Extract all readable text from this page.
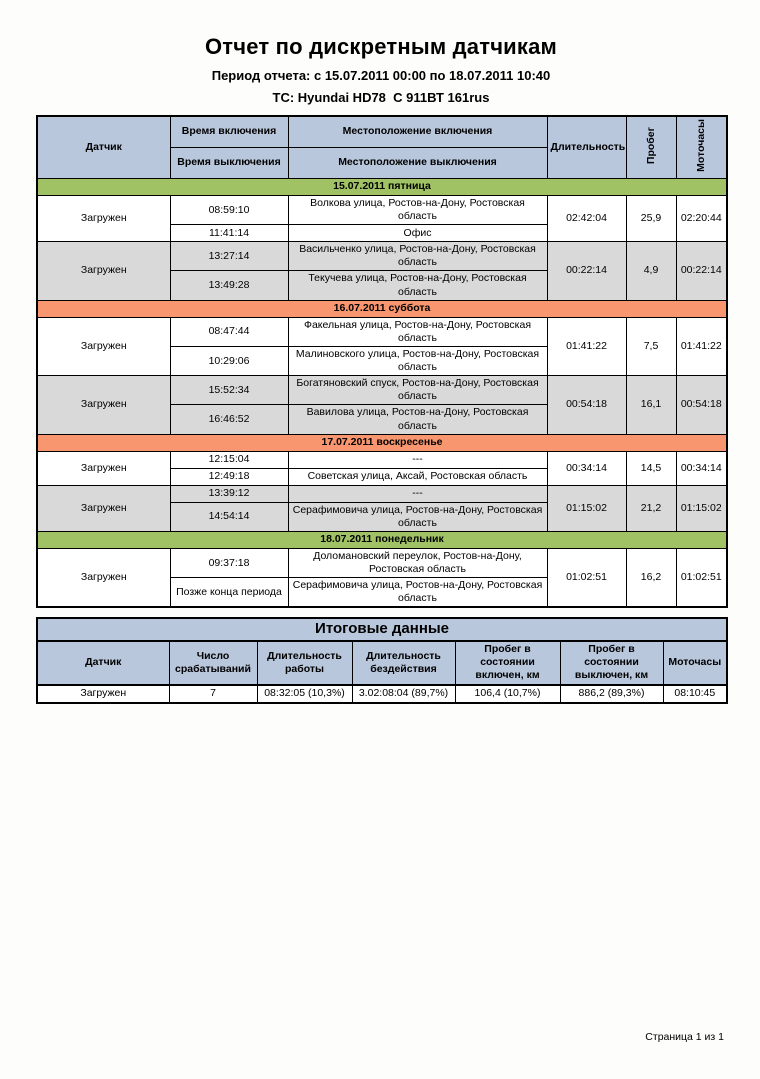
Отчет по дискретным датчикам

Период отчета: с 15.07.2011 00:00 по 18.07.2011 10:40

ТС: Hyundai HD78  С 911ВТ 161rus

Датчик	Время включения	Местоположение включения	Длительность	Пробег	Моточасы
	Время выключения	Местоположение выключения			
15.07.2011 пятница					
Загружен	08:59:10	Волкова улица, Ростов-на-Дону, Ростовская область	02:42:04	25,9	02:20:44
	11:41:14	Офис			
Загружен	13:27:14	Васильченко улица, Ростов-на-Дону, Ростовская область	00:22:14	4,9	00:22:14
	13:49:28	Текучева улица, Ростов-на-Дону, Ростовская область			
16.07.2011 суббота					
Загружен	08:47:44	Факельная улица, Ростов-на-Дону, Ростовская область	01:41:22	7,5	01:41:22
	10:29:06	Малиновского улица, Ростов-на-Дону, Ростовская область			
Загружен	15:52:34	Богатяновский спуск, Ростов-на-Дону, Ростовская область	00:54:18	16,1	00:54:18
	16:46:52	Вавилова улица, Ростов-на-Дону, Ростовская область			
17.07.2011 воскресенье					
Загружен	12:15:04	---	00:34:14	14,5	00:34:14
	12:49:18	Советская улица, Аксай, Ростовская область			
Загружен	13:39:12	---	01:15:02	21,2	01:15:02
	14:54:14	Серафимовича улица, Ростов-на-Дону, Ростовская область			
18.07.2011 понедельник					
Загружен	09:37:18	Доломановский переулок, Ростов-на-Дону, Ростовская область	01:02:51	16,2	01:02:51
	Позже конца периода	Серафимовича улица, Ростов-на-Дону, Ростовская область			
Итоговые данные						
Датчик	Число срабатываний	Длительность работы	Длительность бездействия	Пробег в состоянии включен, км	Пробег в состоянии выключен, км	Моточасы
Загружен	7	08:32:05 (10,3%)	3.02:08:04 (89,7%)	106,4 (10,7%)	886,2 (89,3%)	08:10:45
Страница 1 из 1
